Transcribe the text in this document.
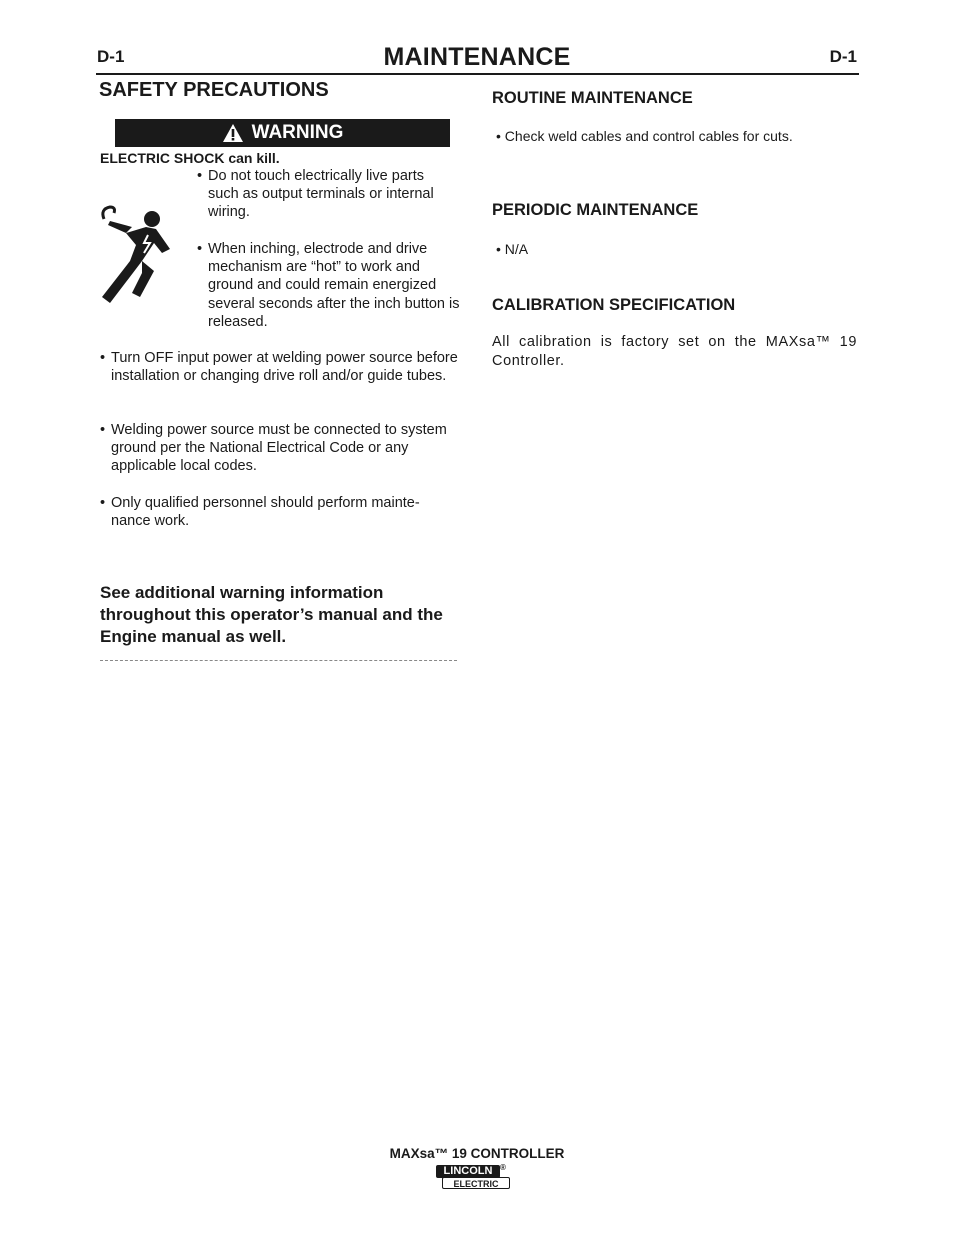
D-1	MAINTENANCE	D-1
SAFETY PRECAUTIONS
WARNING
ELECTRIC SHOCK can kill.
• Do not touch electrically live parts such as output terminals or internal wiring.
• When inching, electrode and drive mechanism are “hot” to work and ground and could remain energized several seconds after the inch button is released.
• Turn OFF input power at welding power source before installation or changing drive roll and/or guide tubes.
• Welding power source must be connected to system ground per the National Electrical Code or any applicable local codes.
• Only qualified personnel should perform mainte- nance work.
See additional warning information throughout this operator’s manual and the Engine manual as well.
ROUTINE MAINTENANCE
• Check weld cables and control cables for cuts.
PERIODIC MAINTENANCE
• N/A
CALIBRATION SPECIFICATION
All calibration is factory set on the MAXsa™ 19 Controller.
MAXsa™ 19 CONTROLLER
LINCOLN ®
ELECTRIC
